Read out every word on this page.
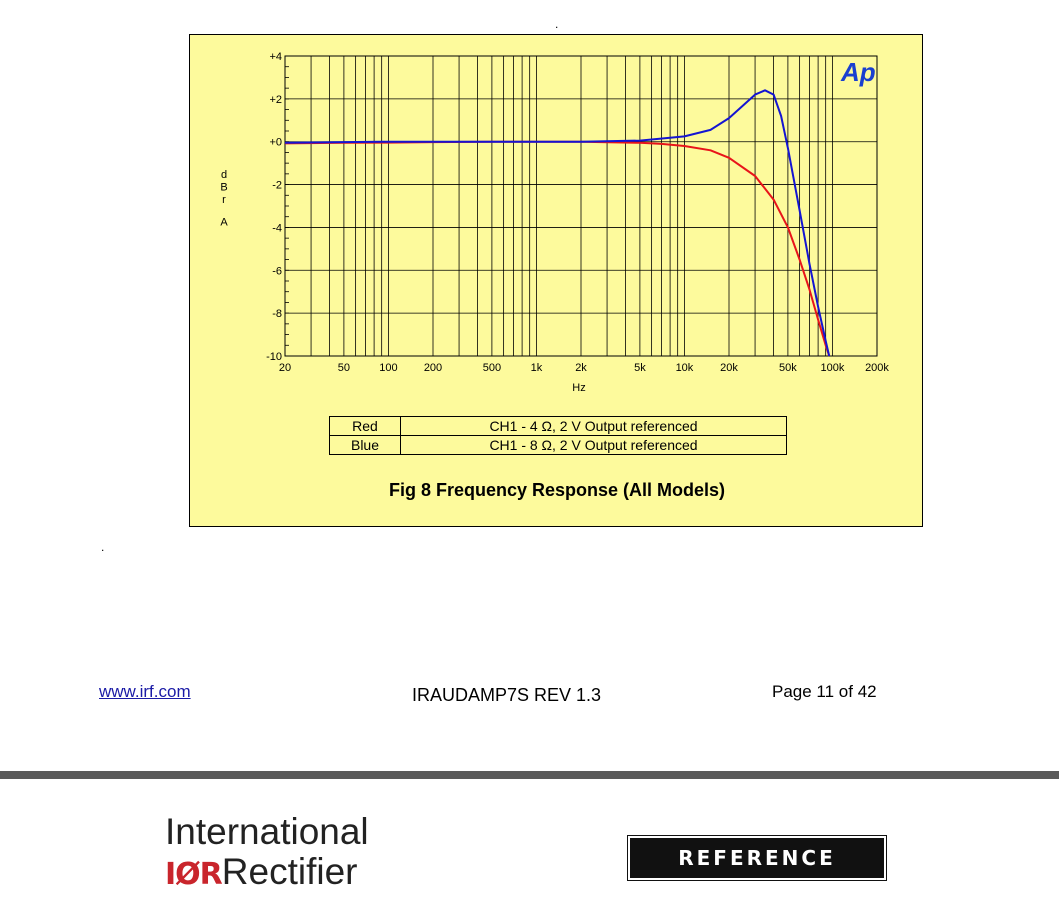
.
+4
+2
+0
-2
-4
-6
-8
-10
20	50	100 200	500	1k	2k	5k	10k 20k	50k 100k 200k
Hz
d B r A
Ap
Red	CH1 - 4 Ω, 2 V Output referenced
Blue	CH1 - 8 Ω, 2 V Output referenced
Fig 8 Frequency Response (All Models)
.
www.irf.com	IRAUDAMP7S REV 1.3	Page 11 of 42
International
IØRRectifier	REFERENCE DESIGN
